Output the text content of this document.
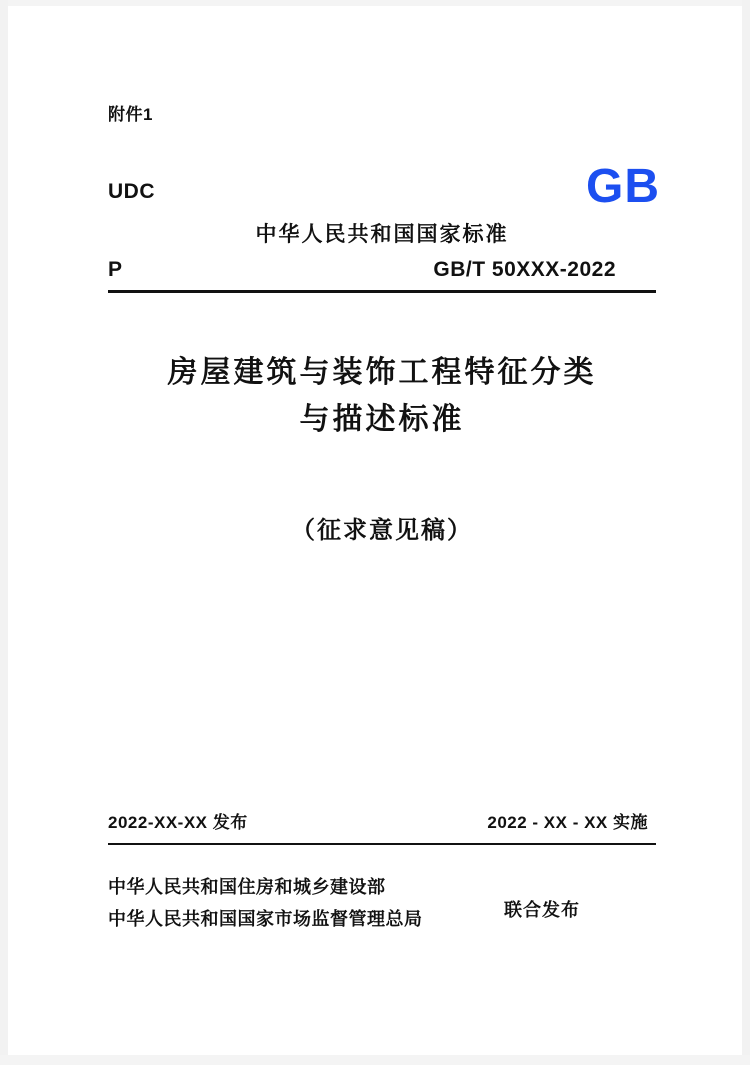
附件1
UDC	GB
中华人民共和国国家标准
P	GB/T 50XXX-2022
房屋建筑与装饰工程特征分类
与描述标准
（征求意见稿）
2022-XX-XX 发布	2022 - XX - XX 实施
中华人民共和国住房和城乡建设部
中华人民共和国国家市场监督管理总局	联合发布
